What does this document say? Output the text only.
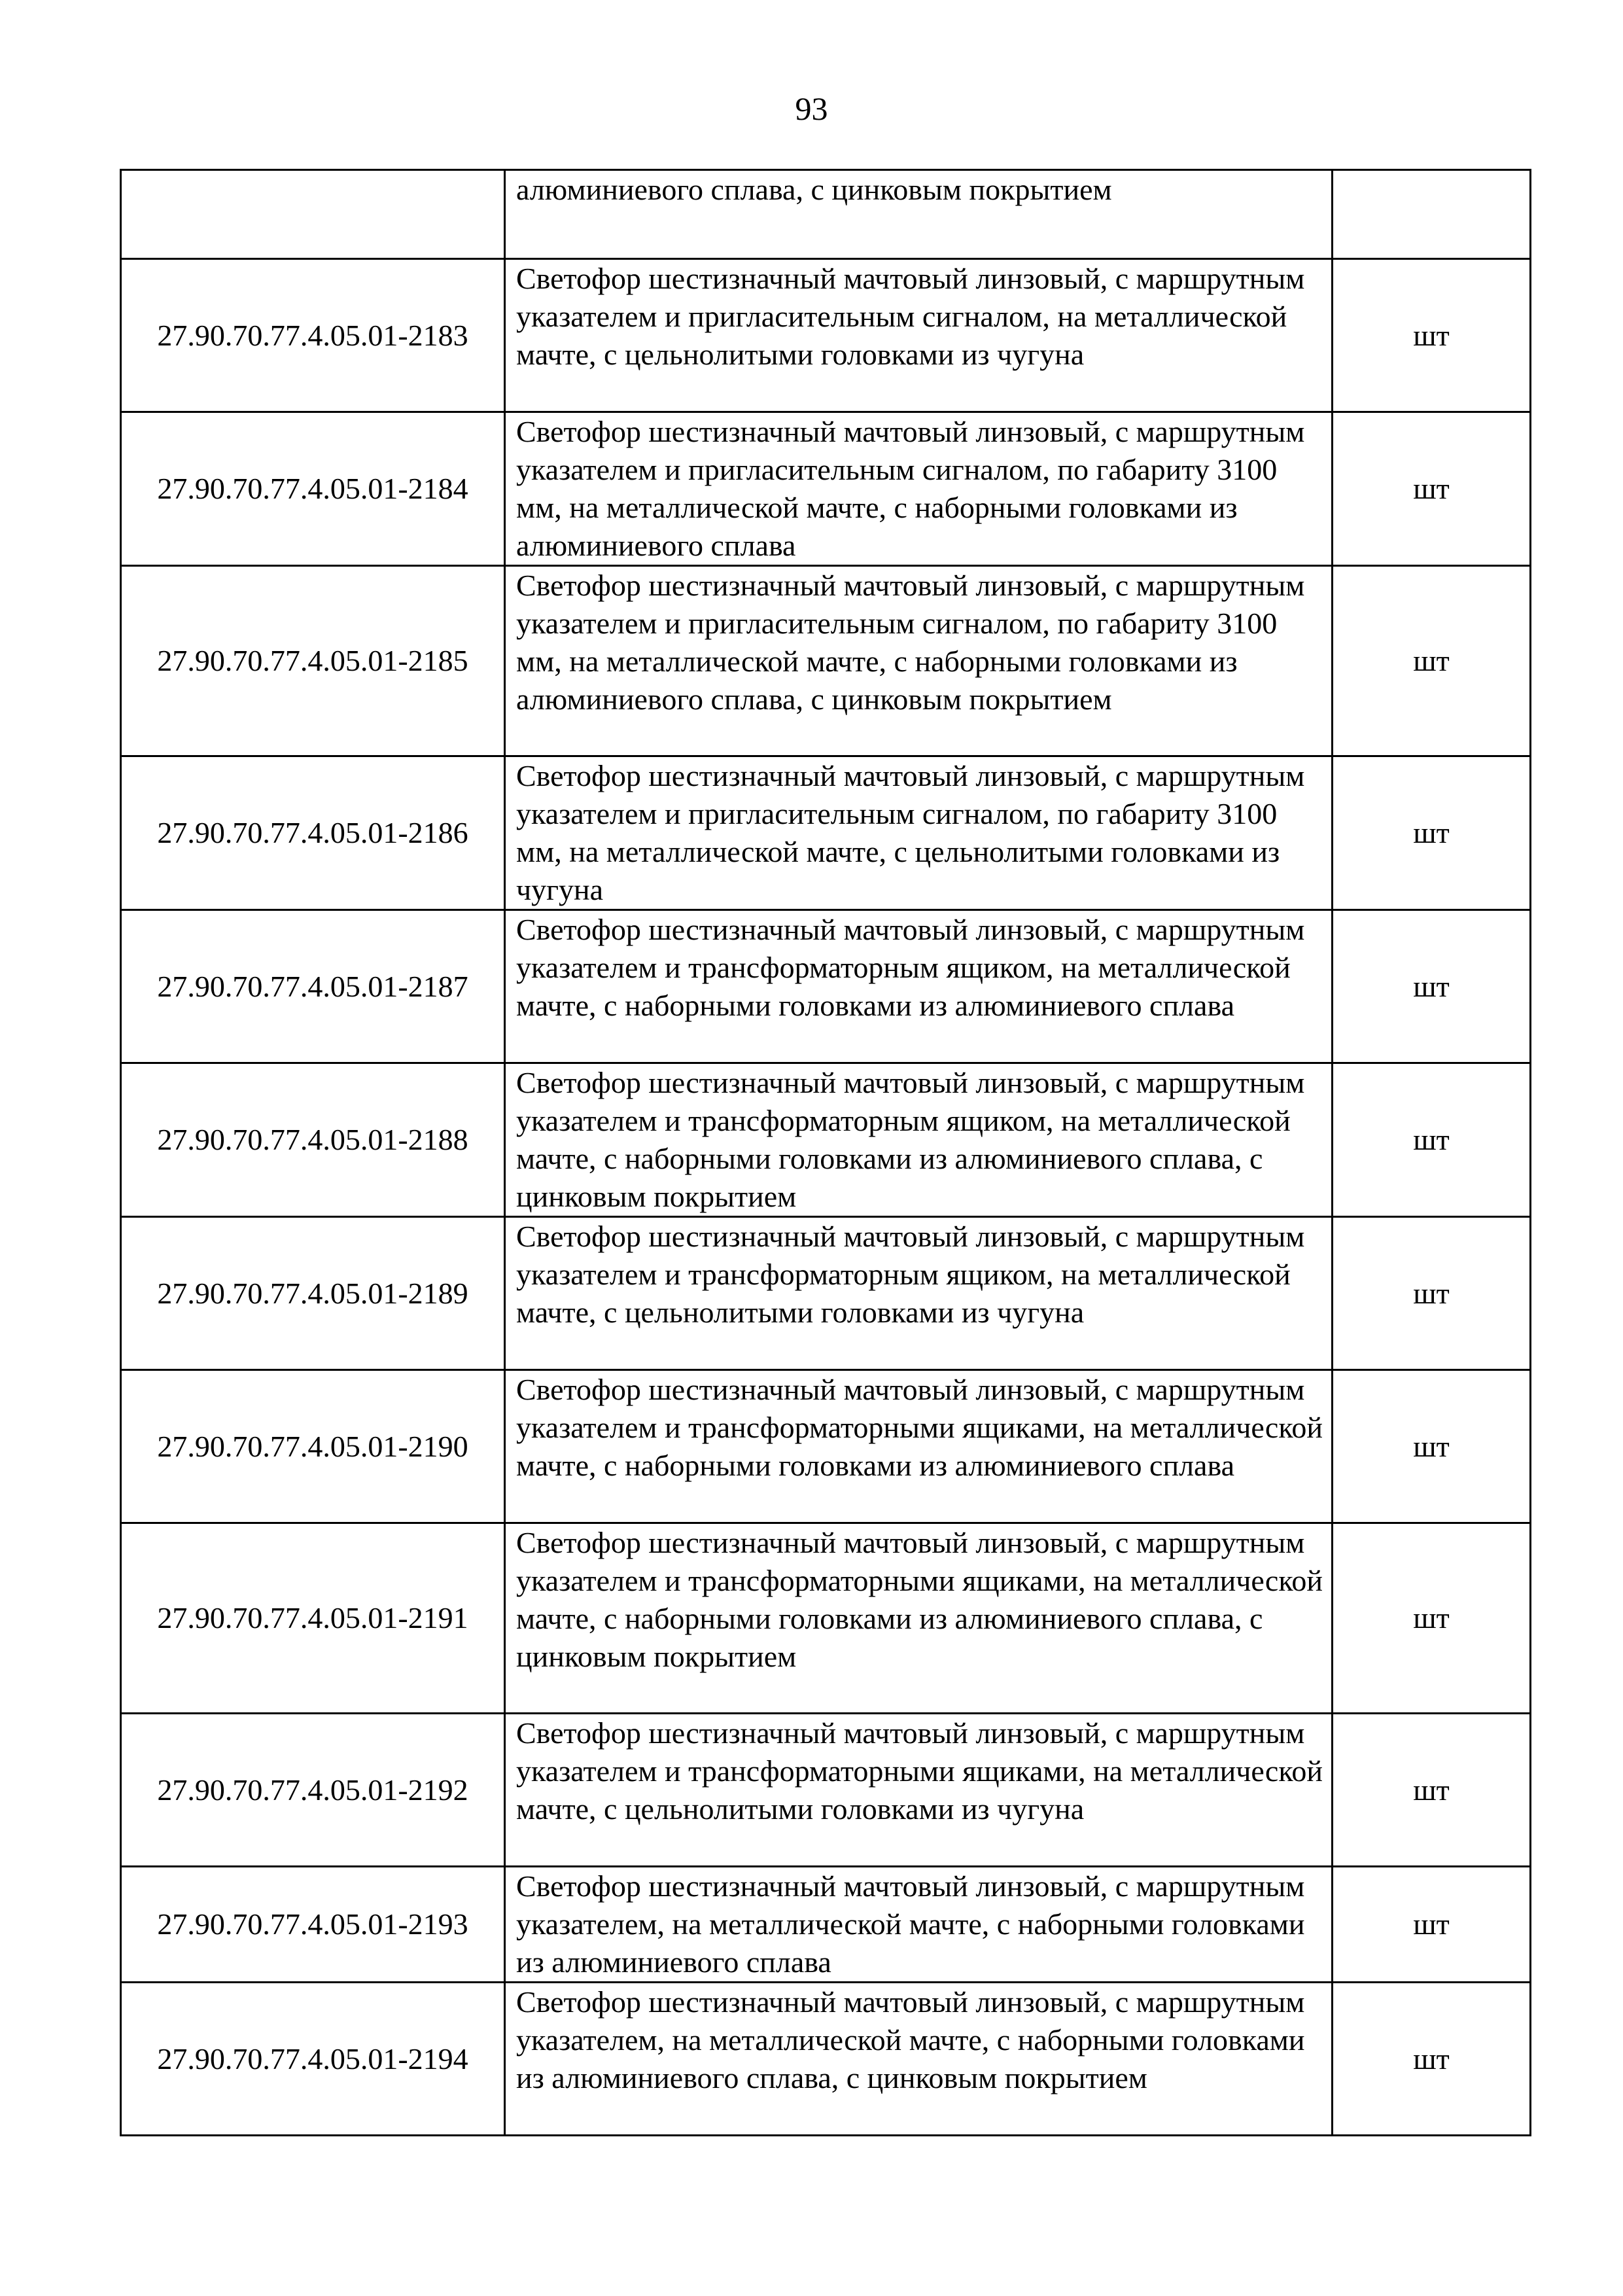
93
	алюминиевого сплава, с цинковым покрытием	
27.90.70.77.4.05.01-2183	Светофор шестизначный мачтовый линзовый, с маршрутным указателем и пригласительным сигналом, на металлической мачте, с цельнолитыми головками из чугуна	шт
27.90.70.77.4.05.01-2184	Светофор шестизначный мачтовый линзовый, с маршрутным указателем и пригласительным сигналом, по габариту 3100 мм, на металлической мачте, с наборными головками из алюминиевого сплава	шт
27.90.70.77.4.05.01-2185	Светофор шестизначный мачтовый линзовый, с маршрутным указателем и пригласительным сигналом, по габариту 3100 мм, на металлической мачте, с наборными головками из алюминиевого сплава, с цинковым покрытием	шт
27.90.70.77.4.05.01-2186	Светофор шестизначный мачтовый линзовый, с маршрутным указателем и пригласительным сигналом, по габариту 3100 мм, на металлической мачте, с цельнолитыми головками из чугуна	шт
27.90.70.77.4.05.01-2187	Светофор шестизначный мачтовый линзовый, с маршрутным указателем и трансформаторным ящиком, на металлической мачте, с наборными головками из алюминиевого сплава	шт
27.90.70.77.4.05.01-2188	Светофор шестизначный мачтовый линзовый, с маршрутным указателем и трансформаторным ящиком, на металлической мачте, с наборными головками из алюминиевого сплава, с цинковым покрытием	шт
27.90.70.77.4.05.01-2189	Светофор шестизначный мачтовый линзовый, с маршрутным указателем и трансформаторным ящиком, на металлической мачте, с цельнолитыми головками из чугуна	шт
27.90.70.77.4.05.01-2190	Светофор шестизначный мачтовый линзовый, с маршрутным указателем и трансформаторными ящиками, на металлической мачте, с наборными головками из алюминиевого сплава	шт
27.90.70.77.4.05.01-2191	Светофор шестизначный мачтовый линзовый, с маршрутным указателем и трансформаторными ящиками, на металлической мачте, с наборными головками из алюминиевого сплава, с цинковым покрытием	шт
27.90.70.77.4.05.01-2192	Светофор шестизначный мачтовый линзовый, с маршрутным указателем и трансформаторными ящиками, на металлической мачте, с цельнолитыми головками из чугуна	шт
27.90.70.77.4.05.01-2193	Светофор шестизначный мачтовый линзовый, с маршрутным указателем, на металлической мачте, с наборными головками из алюминиевого сплава	шт
27.90.70.77.4.05.01-2194	Светофор шестизначный мачтовый линзовый, с маршрутным указателем, на металлической мачте, с наборными головками из алюминиевого сплава, с цинковым покрытием	шт
